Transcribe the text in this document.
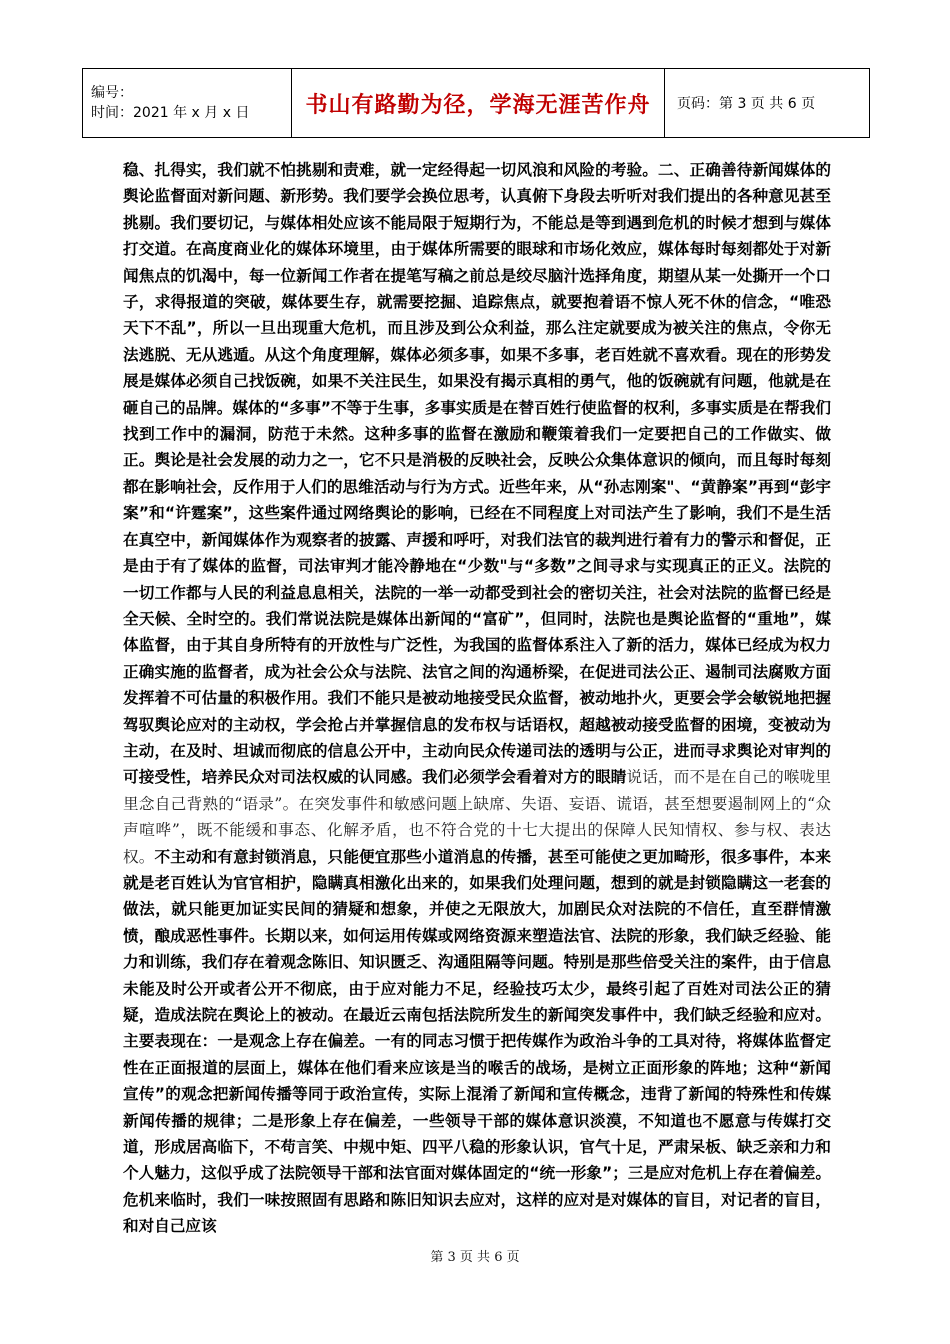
编号：
时间：2021 年 x 月 x 日	书山有路勤为径，学海无涯苦作舟	页码：第 3 页 共 6 页

稳、扎得实，我们就不怕挑剔和责难，就一定经得起一切风浪和风险的考验。二、正确善待新闻媒体的舆论监督面对新问题、新形势。我们要学会换位思考，认真俯下身段去听听对我们提出的各种意见甚至挑剔。我们要切记，与媒体相处应该不能局限于短期行为，不能总是等到遇到危机的时候才想到与媒体打交道。在高度商业化的媒体环境里，由于媒体所需要的眼球和市场化效应，媒体每时每刻都处于对新闻焦点的饥渴中，每一位新闻工作者在提笔写稿之前总是绞尽脑汁选择角度，期望从某一处撕开一个口子，求得报道的突破，媒体要生存，就需要挖掘、追踪焦点，就要抱着语不惊人死不休的信念，“唯恐天下不乱”，所以一旦出现重大危机，而且涉及到公众利益，那么注定就要成为被关注的焦点，令你无法逃脱、无从逃遁。从这个角度理解，媒体必须多事，如果不多事，老百姓就不喜欢看。现在的形势发展是媒体必须自己找饭碗，如果不关注民生，如果没有揭示真相的勇气，他的饭碗就有问题，他就是在砸自己的品牌。媒体的“多事”不等于生事，多事实质是在替百姓行使监督的权利，多事实质是在帮我们找到工作中的漏洞，防范于未然。这种多事的监督在激励和鞭策着我们一定要把自己的工作做实、做正。舆论是社会发展的动力之一，它不只是消极的反映社会，反映公众集体意识的倾向，而且每时每刻都在影响社会，反作用于人们的思维活动与行为方式。近些年来，从“孙志刚案"、“黄静案”再到“彭宇案”和“许霆案”，这些案件通过网络舆论的影响，已经在不同程度上对司法产生了影响，我们不是生活在真空中，新闻媒体作为观察者的披露、声援和呼吁，对我们法官的裁判进行着有力的警示和督促，正是由于有了媒体的监督，司法审判才能冷静地在“少数"与“多数”之间寻求与实现真正的正义。法院的一切工作都与人民的利益息息相关，法院的一举一动都受到社会的密切关注，社会对法院的监督已经是全天候、全时空的。我们常说法院是媒体出新闻的“富矿”，但同时，法院也是舆论监督的“重地”，媒体监督，由于其自身所特有的开放性与广泛性，为我国的监督体系注入了新的活力，媒体已经成为权力正确实施的监督者，成为社会公众与法院、法官之间的沟通桥梁，在促进司法公正、遏制司法腐败方面发挥着不可估量的积极作用。我们不能只是被动地接受民众监督，被动地扑火，更要会学会敏锐地把握驾驭舆论应对的主动权，学会抢占并掌握信息的发布权与话语权，超越被动接受监督的困境，变被动为主动，在及时、坦诚而彻底的信息公开中，主动向民众传递司法的透明与公正，进而寻求舆论对审判的可接受性，培养民众对司法权威的认同感。我们必须学会看着对方的眼睛说话，而不是在自己的喉咙里里念自己背熟的“语录”。在突发事件和敏感问题上缺席、失语、妄语、谎语，甚至想要遏制网上的“众声喧哗”，既不能缓和事态、化解矛盾，也不符合党的十七大提出的保障人民知情权、参与权、表达权。不主动和有意封锁消息，只能便宜那些小道消息的传播，甚至可能使之更加畸形，很多事件，本来就是老百姓认为官官相护，隐瞒真相激化出来的，如果我们处理问题，想到的就是封锁隐瞒这一老套的做法，就只能更加证实民间的猜疑和想象，并使之无限放大，加剧民众对法院的不信任，直至群情激愤，酿成恶性事件。长期以来，如何运用传媒或网络资源来塑造法官、法院的形象，我们缺乏经验、能力和训练，我们存在着观念陈旧、知识匮乏、沟通阻隔等问题。特别是那些倍受关注的案件，由于信息未能及时公开或者公开不彻底，由于应对能力不足，经验技巧太少，最终引起了百姓对司法公正的猜疑，造成法院在舆论上的被动。在最近云南包括法院所发生的新闻突发事件中，我们缺乏经验和应对。主要表现在：一是观念上存在偏差。一有的同志习惯于把传媒作为政治斗争的工具对待，将媒体监督定性在正面报道的层面上，媒体在他们看来应该是当的喉舌的战场，是树立正面形象的阵地；这种“新闻宣传”的观念把新闻传播等同于政治宣传，实际上混淆了新闻和宣传概念，违背了新闻的特殊性和传媒新闻传播的规律；二是形象上存在偏差，一些领导干部的媒体意识淡漠，不知道也不愿意与传媒打交道，形成居高临下，不苟言笑、中规中矩、四平八稳的形象认识，官气十足，严肃呆板、缺乏亲和力和个人魅力，这似乎成了法院领导干部和法官面对媒体固定的“统一形象”；三是应对危机上存在着偏差。危机来临时，我们一味按照固有思路和陈旧知识去应对，这样的应对是对媒体的盲目，对记者的盲目，和对自己应该

第 3 页 共 6 页
